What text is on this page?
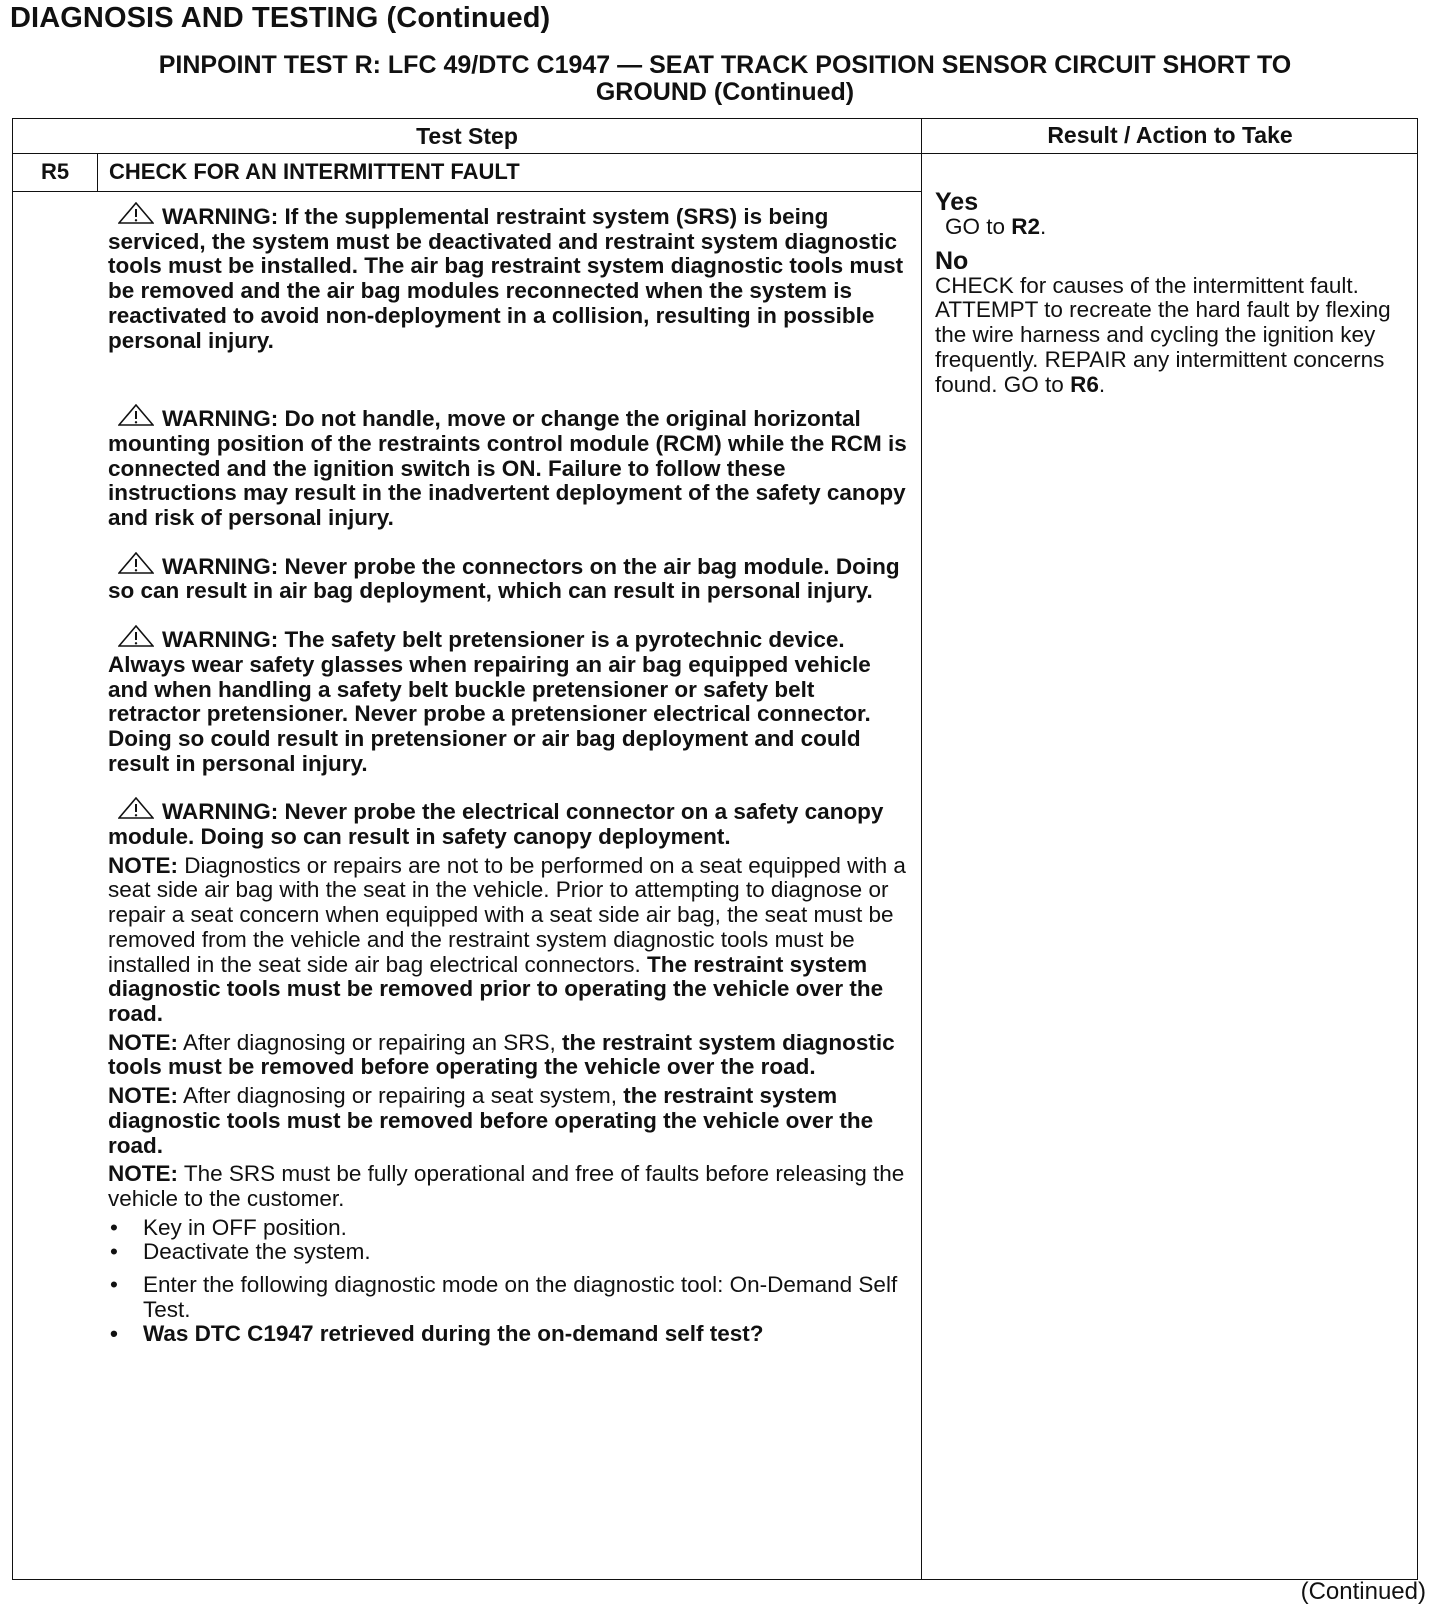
DIAGNOSIS AND TESTING (Continued)
PINPOINT TEST R: LFC 49/DTC C1947 — SEAT TRACK POSITION SENSOR CIRCUIT SHORT TO
GROUND (Continued)
Test Step	Result / Action to Take
R5	CHECK FOR AN INTERMITTENT FAULT

WARNING: If the supplemental restraint system (SRS) is being serviced, the system must be deactivated and restraint system diagnostic tools must be installed. The air bag restraint system diagnostic tools must be removed and the air bag modules reconnected when the system is reactivated to avoid non-deployment in a collision, resulting in possible personal injury.

WARNING: Do not handle, move or change the original horizontal mounting position of the restraints control module (RCM) while the RCM is connected and the ignition switch is ON. Failure to follow these instructions may result in the inadvertent deployment of the safety canopy and risk of personal injury.

WARNING: Never probe the connectors on the air bag module. Doing so can result in air bag deployment, which can result in personal injury.

WARNING: The safety belt pretensioner is a pyrotechnic device. Always wear safety glasses when repairing an air bag equipped vehicle and when handling a safety belt buckle pretensioner or safety belt retractor pretensioner. Never probe a pretensioner electrical connector. Doing so could result in pretensioner or air bag deployment and could result in personal injury.

WARNING: Never probe the electrical connector on a safety canopy module. Doing so can result in safety canopy deployment.

NOTE: Diagnostics or repairs are not to be performed on a seat equipped with a seat side air bag with the seat in the vehicle. Prior to attempting to diagnose or repair a seat concern when equipped with a seat side air bag, the seat must be removed from the vehicle and the restraint system diagnostic tools must be installed in the seat side air bag electrical connectors. The restraint system diagnostic tools must be removed prior to operating the vehicle over the road.

NOTE: After diagnosing or repairing an SRS, the restraint system diagnostic tools must be removed before operating the vehicle over the road.

NOTE: After diagnosing or repairing a seat system, the restraint system diagnostic tools must be removed before operating the vehicle over the road.

NOTE: The SRS must be fully operational and free of faults before releasing the vehicle to the customer.

• Key in OFF position.
• Deactivate the system.
• Enter the following diagnostic mode on the diagnostic tool: On-Demand Self Test.
• Was DTC C1947 retrieved during the on-demand self test?
Yes
GO to R2.
No
CHECK for causes of the intermittent fault. ATTEMPT to recreate the hard fault by flexing the wire harness and cycling the ignition key frequently. REPAIR any intermittent concerns found. GO to R6.
(Continued)
